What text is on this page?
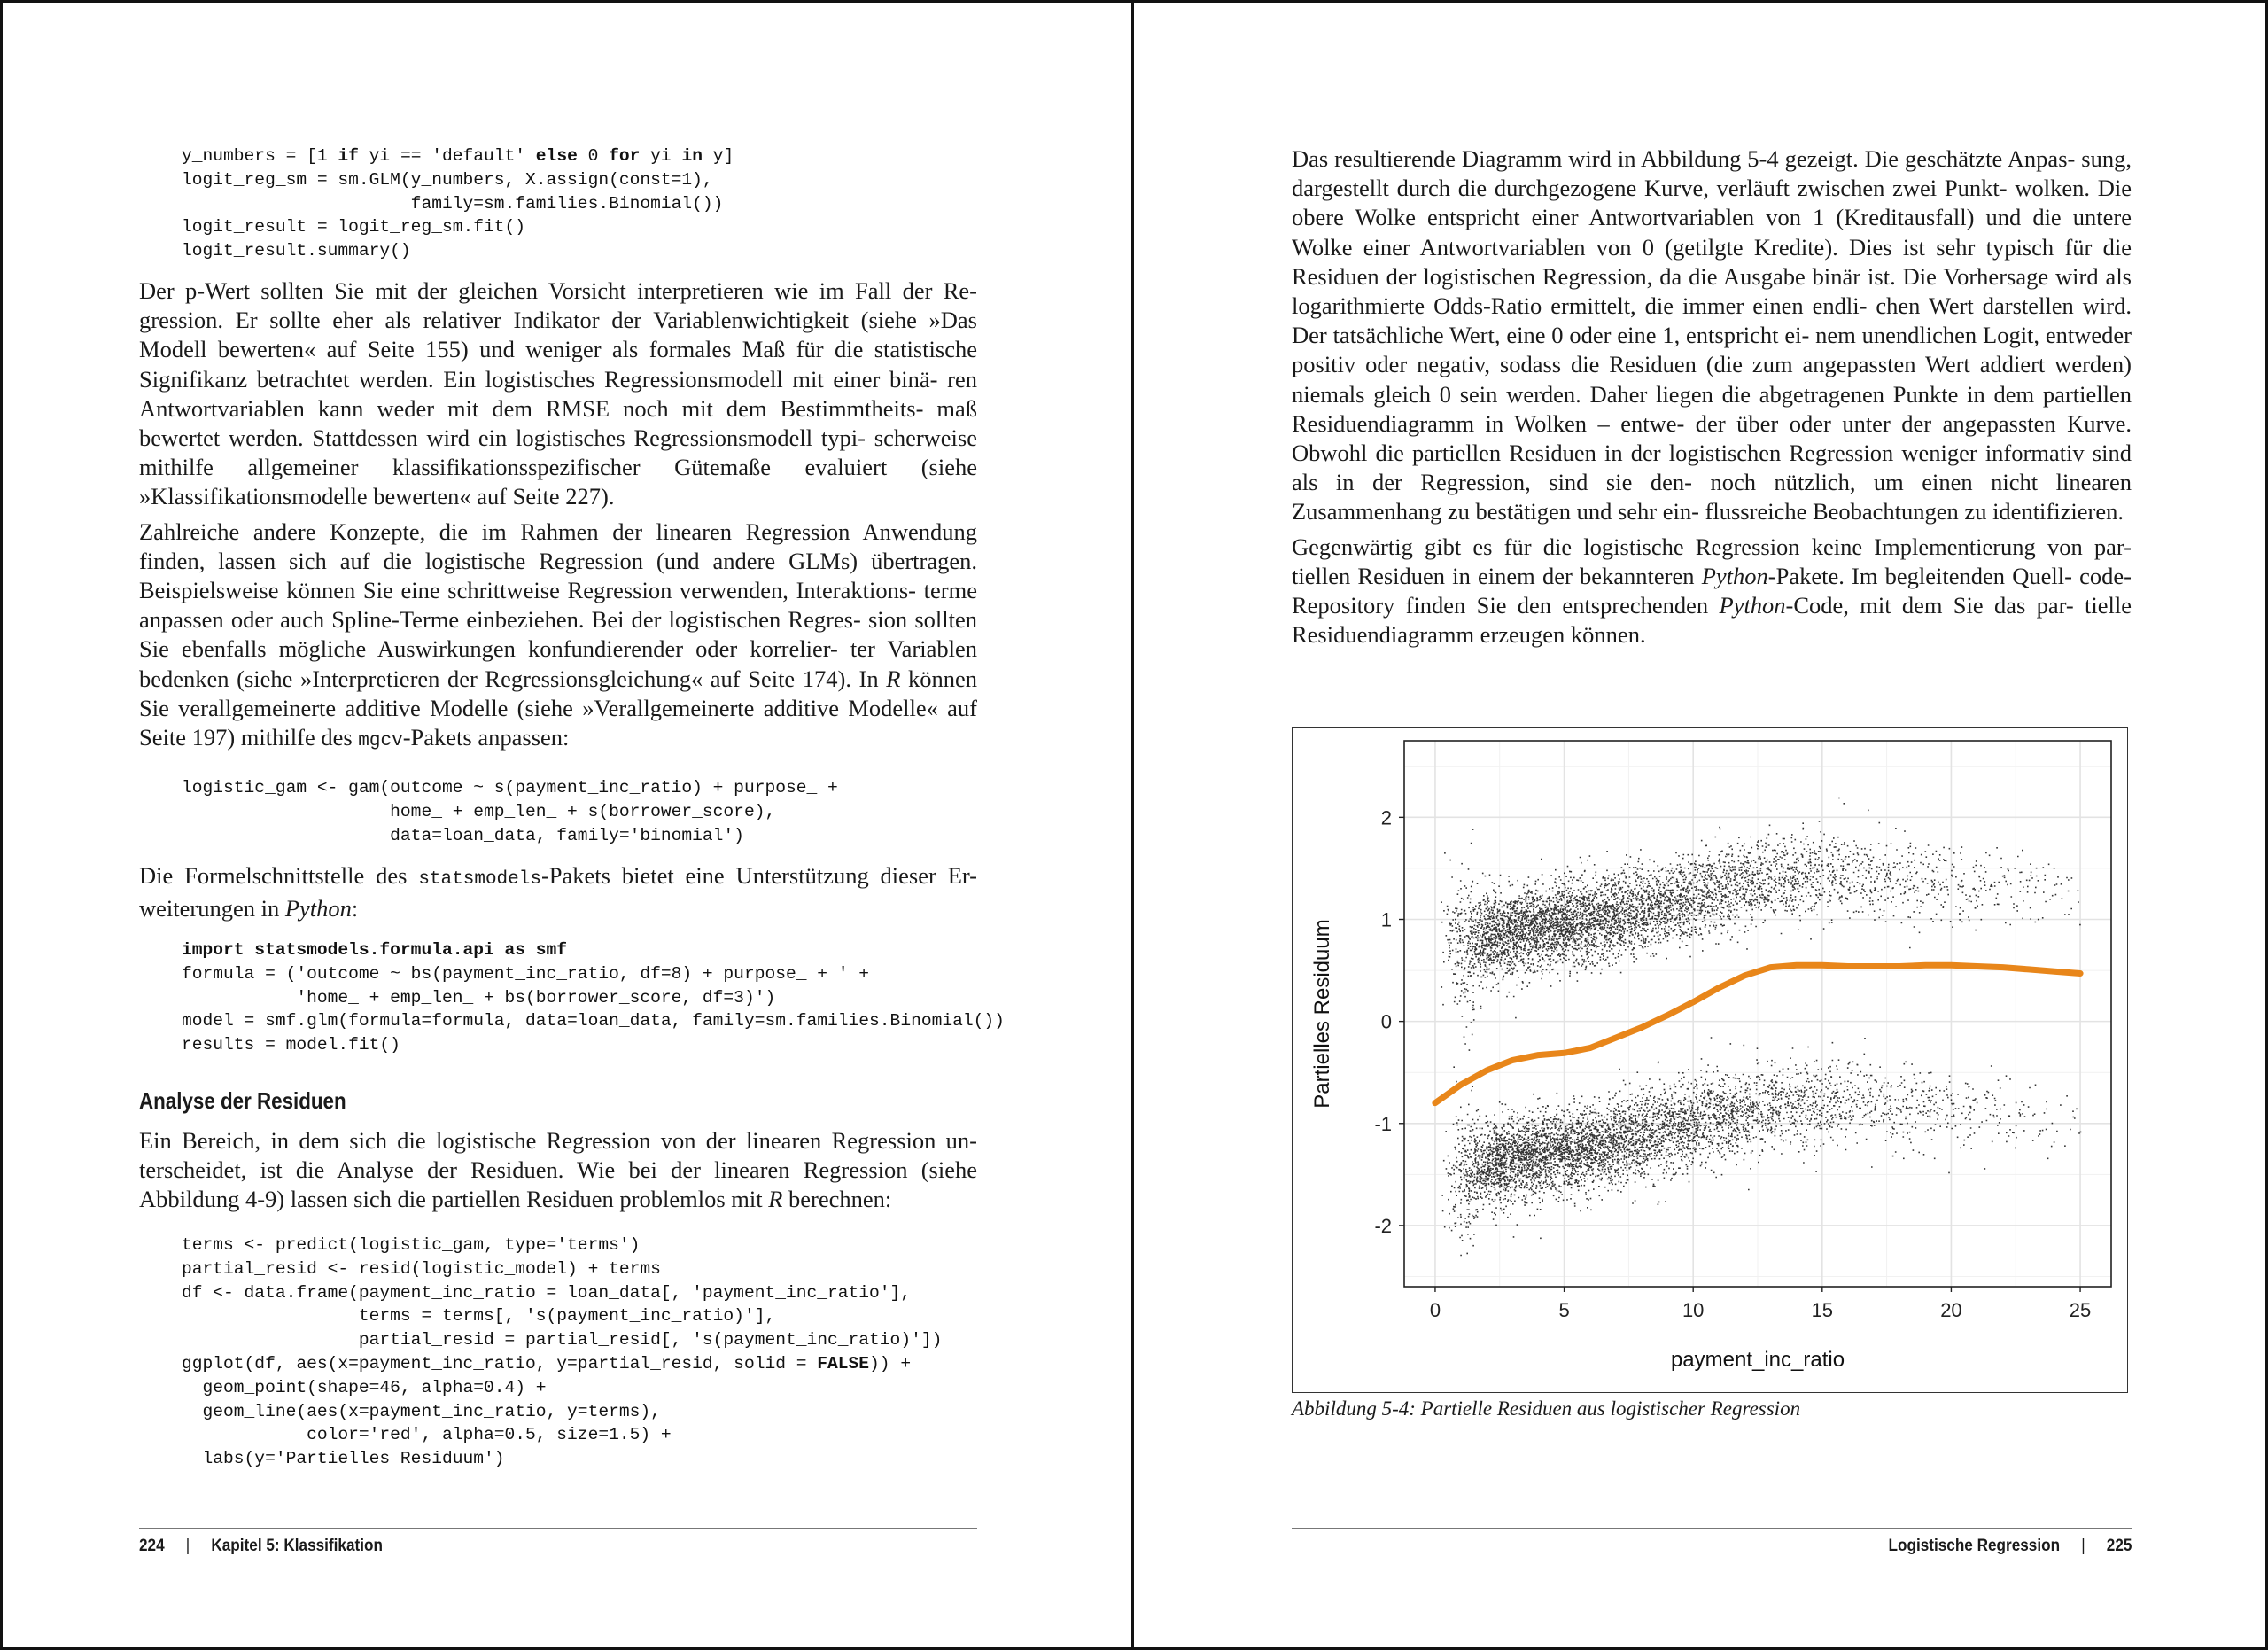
y_numbers = [1 if yi == 'default' else 0 for yi in y]
logit_reg_sm = sm.GLM(y_numbers, X.assign(const=1),
family=sm.families.Binomial())
logit_result = logit_reg_sm.fit()
logit_result.summary()

Der p-Wert sollten Sie mit der gleichen Vorsicht interpretieren wie im Fall der Re- gression. Er sollte eher als relativer Indikator der Variablenwichtigkeit (siehe »Das Modell bewerten« auf Seite 155) und weniger als formales Maß für die statistische Signifikanz betrachtet werden. Ein logistisches Regressionsmodell mit einer binä- ren Antwortvariablen kann weder mit dem RMSE noch mit dem Bestimmtheits- maß bewertet werden. Stattdessen wird ein logistisches Regressionsmodell typi- scherweise mithilfe allgemeiner klassifikationsspezifischer Gütemaße evaluiert (siehe »Klassifikationsmodelle bewerten« auf Seite 227).

Zahlreiche andere Konzepte, die im Rahmen der linearen Regression Anwendung finden, lassen sich auf die logistische Regression (und andere GLMs) übertragen. Beispielsweise können Sie eine schrittweise Regression verwenden, Interaktions- terme anpassen oder auch Spline-Terme einbeziehen. Bei der logistischen Regres- sion sollten Sie ebenfalls mögliche Auswirkungen konfundierender oder korrelier- ter Variablen bedenken (siehe »Interpretieren der Regressionsgleichung« auf Seite 174). In R können Sie verallgemeinerte additive Modelle (siehe »Verallgemeinerte additive Modelle« auf Seite 197) mithilfe des mgcv-Pakets anpassen:

logistic_gam <- gam(outcome ~ s(payment_inc_ratio) + purpose_ +
home_ + emp_len_ + s(borrower_score),
data=loan_data, family='binomial')

Die Formelschnittstelle des statsmodels-Pakets bietet eine Unterstützung dieser Er- weiterungen in Python:

import statsmodels.formula.api as smf
formula = ('outcome ~ bs(payment_inc_ratio, df=8) + purpose_ + ' +
'home_ + emp_len_ + bs(borrower_score, df=3)')
model = smf.glm(formula=formula, data=loan_data, family=sm.families.Binomial())
results = model.fit()
Analyse der Residuen

Ein Bereich, in dem sich die logistische Regression von der linearen Regression un- terscheidet, ist die Analyse der Residuen. Wie bei der linearen Regression (siehe Abbildung 4-9) lassen sich die partiellen Residuen problemlos mit R berechnen:

terms <- predict(logistic_gam, type='terms')
partial_resid <- resid(logistic_model) + terms
df <- data.frame(payment_inc_ratio = loan_data[, 'payment_inc_ratio'],
terms = terms[, 's(payment_inc_ratio)'],
partial_resid = partial_resid[, 's(payment_inc_ratio)'])
ggplot(df, aes(x=payment_inc_ratio, y=partial_resid, solid = FALSE)) +
geom_point(shape=46, alpha=0.4) +
geom_line(aes(x=payment_inc_ratio, y=terms),
color='red', alpha=0.5, size=1.5) +
labs(y='Partielles Residuum')
224 | Kapitel 5: Klassifikation

Das resultierende Diagramm wird in Abbildung 5-4 gezeigt. Die geschätzte Anpas- sung, dargestellt durch die durchgezogene Kurve, verläuft zwischen zwei Punkt- wolken. Die obere Wolke entspricht einer Antwortvariablen von 1 (Kreditausfall) und die untere Wolke einer Antwortvariablen von 0 (getilgte Kredite). Dies ist sehr typisch für die Residuen der logistischen Regression, da die Ausgabe binär ist. Die Vorhersage wird als logarithmierte Odds-Ratio ermittelt, die immer einen endli- chen Wert darstellen wird. Der tatsächliche Wert, eine 0 oder eine 1, entspricht ei- nem unendlichen Logit, entweder positiv oder negativ, sodass die Residuen (die zum angepassten Wert addiert werden) niemals gleich 0 sein werden. Daher liegen die abgetragenen Punkte in dem partiellen Residuendiagramm in Wolken – entwe- der über oder unter der angepassten Kurve. Obwohl die partiellen Residuen in der logistischen Regression weniger informativ sind als in der Regression, sind sie den- noch nützlich, um einen nicht linearen Zusammenhang zu bestätigen und sehr ein- flussreiche Beobachtungen zu identifizieren.

Gegenwärtig gibt es für die logistische Regression keine Implementierung von par- tiellen Residuen in einem der bekannteren Python-Pakete. Im begleitenden Quell- code-Repository finden Sie den entsprechenden Python-Code, mit dem Sie das par- tielle Residuendiagramm erzeugen können.

-2
-1
0
1
2
0	5	10	15	20	25
payment_inc_ratio
Partielles Residuum
Abbildung 5-4: Partielle Residuen aus logistischer Regression
Logistische Regression | 225
